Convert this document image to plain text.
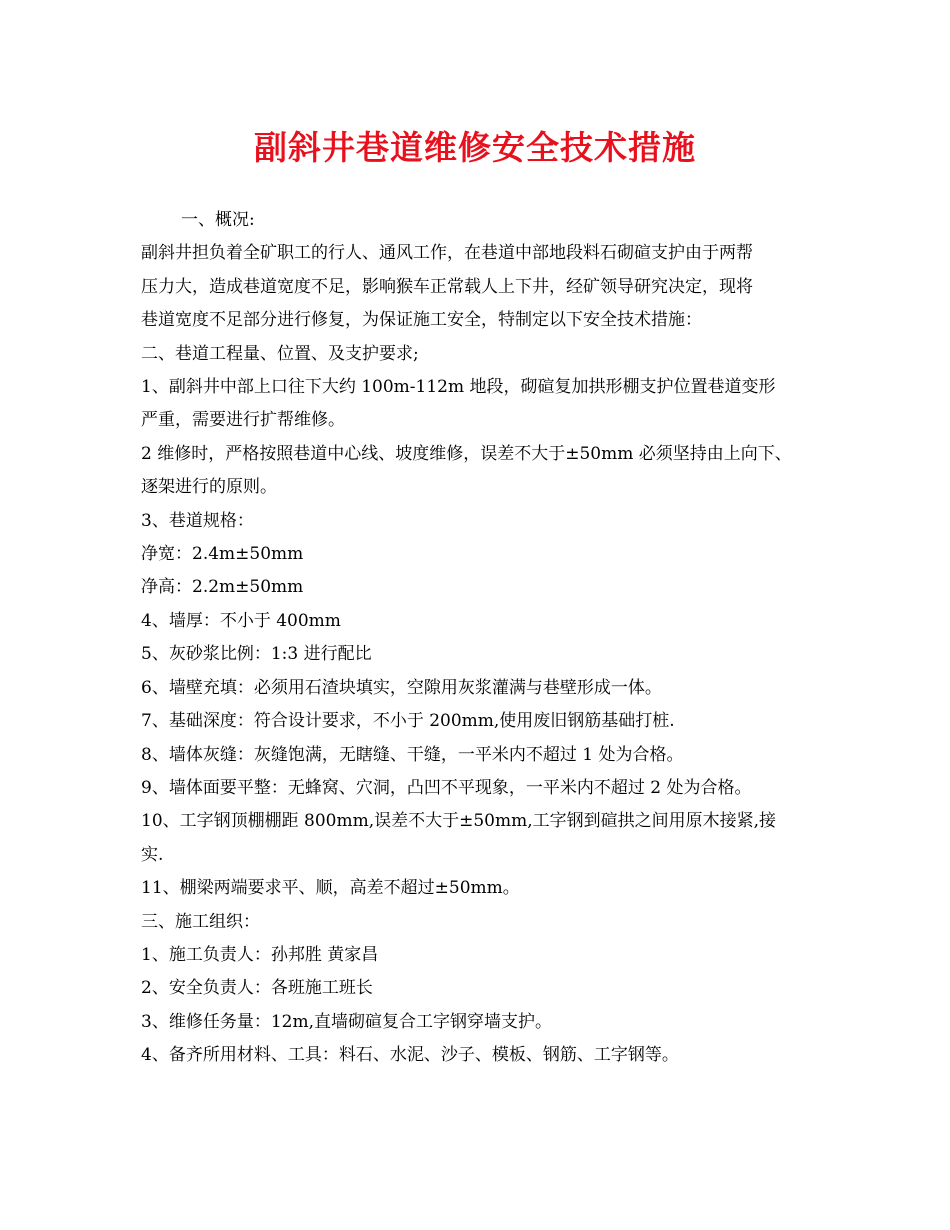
副斜井巷道维修安全技术措施
一、概况:
副斜井担负着全矿职工的行人、通风工作，在巷道中部地段料石砌碹支护由于两帮
压力大，造成巷道宽度不足，影响猴车正常载人上下井，经矿领导研究决定，现将
巷道宽度不足部分进行修复，为保证施工安全，特制定以下安全技术措施：
二、巷道工程量、位置、及支护要求;
1、副斜井中部上口往下大约 100m-112m 地段，砌碹复加拱形棚支护位置巷道变形
严重，需要进行扩帮维修。
2 维修时，严格按照巷道中心线、坡度维修，误差不大于±50mm 必须坚持由上向下、
逐架进行的原则。
3、巷道规格：
净宽：2.4m±50mm
净高：2.2m±50mm
4、墙厚：不小于 400mm
5、灰砂浆比例：1:3 进行配比
6、墙壁充填：必须用石渣块填实，空隙用灰浆灌满与巷壁形成一体。
7、基础深度：符合设计要求，不小于 200mm,使用废旧钢筋基础打桩.
8、墙体灰缝：灰缝饱满，无瞎缝、干缝，一平米内不超过 1 处为合格。
9、墙体面要平整：无蜂窝、穴洞，凸凹不平现象，一平米内不超过 2 处为合格。
10、工字钢顶棚棚距 800mm,误差不大于±50mm,工字钢到碹拱之间用原木接紧,接
实.
11、棚梁两端要求平、顺，高差不超过±50mm。
三、施工组织：
1、施工负责人：孙邦胜 黄家昌
2、安全负责人：各班施工班长
3、维修任务量：12m,直墙砌碹复合工字钢穿墙支护。
4、备齐所用材料、工具：料石、水泥、沙子、模板、钢筋、工字钢等。
